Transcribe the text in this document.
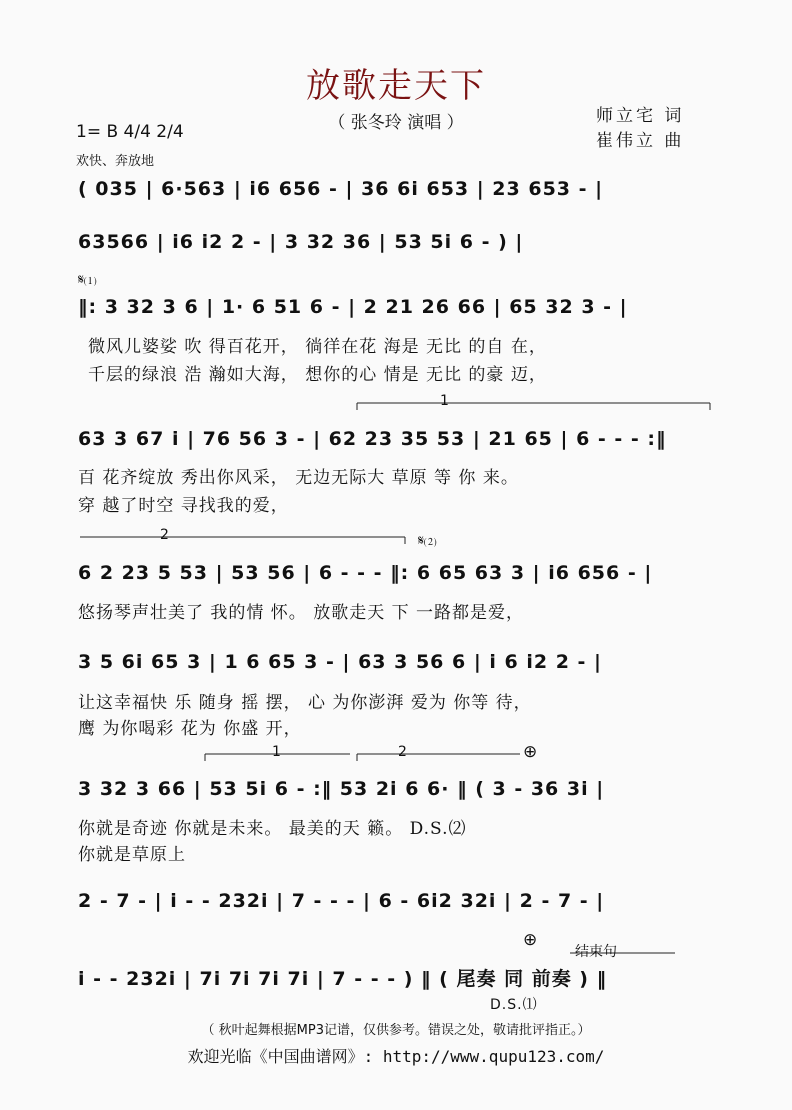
放歌走天下
（ 张冬玲 演唱 ）	师立宅 词
崔伟立 曲
1= B 4/4 2/4
欢快、奔放地
1
2
1	2
𝄋⑴
𝄋⑵
⊕
⊕
结束句
( 035 | 6·563 | i6 656 - | 36 6i 653 | 23 653 - |
63566 | i6 i2 2 - | 3 32 36 | 53 5i 6 - ) |
‖: 3 32 3 6 | 1· 6 51 6 - | 2 21 26 66 | 65 32 3 - |
微风儿婆娑 吹 得百花开， 徜徉在花 海是 无比 的自 在，
千层的绿浪 浩 瀚如大海， 想你的心 情是 无比 的豪 迈，
63 3 67 i | 76 56 3 - | 62 23 35 53 | 21 65 | 6 - - - :‖
百 花齐绽放 秀出你风采， 无边无际大 草原 等 你 来。
穿 越了时空 寻找我的爱，
6 2 23 5 53 | 53 56 | 6 - - - ‖: 6 65 63 3 | i6 656 - |
悠扬琴声壮美了 我的情 怀。 放歌走天 下 一路都是爱，
3 5 6i 65 3 | 1 6 65 3 - | 63 3 56 6 | i 6 i2 2 - |
让这幸福快 乐 随身 摇 摆， 心 为你澎湃 爱为 你等 待，
鹰 为你喝彩 花为 你盛 开，
3 32 3 66 | 53 5i 6 - :‖ 53 2i 6 6· ‖ ( 3 - 36 3i |
你就是奇迹 你就是未来。 最美的天 籁。 D.S.⑵
你就是草原上
2 - 7 - | i - - 232i | 7 - - - | 6 - 6i2 32i | 2 - 7 - |
i - - 232i | 7i 7i 7i 7i | 7 - - - ) ‖ ( 尾奏 同 前奏 ) ‖
D.S.⑴
（ 秋叶起舞根据MP3记谱，仅供参考。错误之处，敬请批评指正。）
欢迎光临《中国曲谱网》: http://www.qupu123.com/
